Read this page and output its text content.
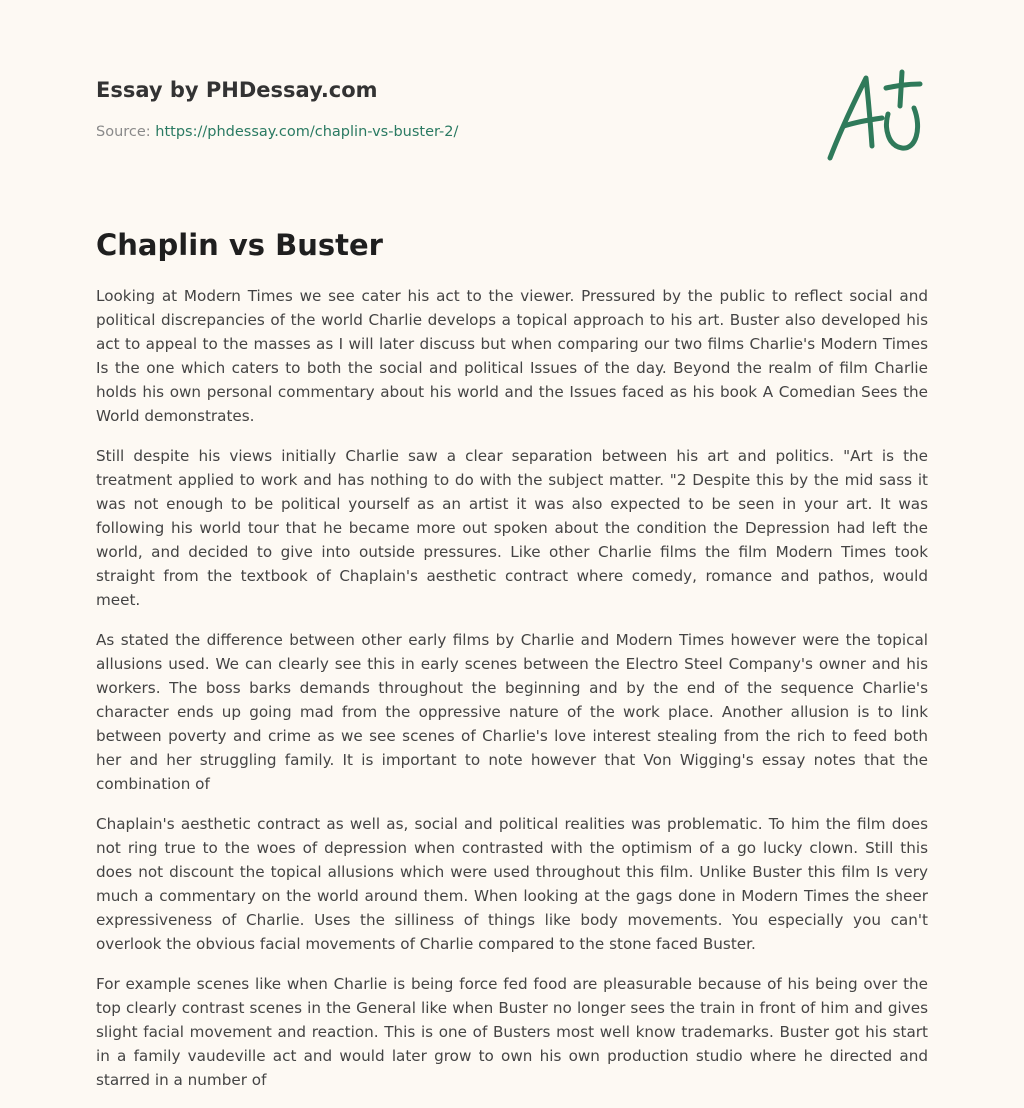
Essay by PHDessay.com
Source: https://phdessay.com/chaplin-vs-buster-2/
Chaplin vs Buster

Looking at Modern Times we see cater his act to the viewer. Pressured by the public to reflect social and political discrepancies of the world Charlie develops a topical approach to his art. Buster also developed his act to appeal to the masses as I will later discuss but when comparing our two films Charlie's Modern Times Is the one which caters to both the social and political Issues of the day. Beyond the realm of film Charlie holds his own personal commentary about his world and the Issues faced as his book A Comedian Sees the World demonstrates.

Still despite his views initially Charlie saw a clear separation between his art and politics. "Art is the treatment applied to work and has nothing to do with the subject matter. "2 Despite this by the mid sass it was not enough to be political yourself as an artist it was also expected to be seen in your art. It was following his world tour that he became more out spoken about the condition the Depression had left the world, and decided to give into outside pressures. Like other Charlie films the film Modern Times took straight from the textbook of Chaplain's aesthetic contract where comedy, romance and pathos, would meet.

As stated the difference between other early films by Charlie and Modern Times however were the topical allusions used. We can clearly see this in early scenes between the Electro Steel Company's owner and his workers. The boss barks demands throughout the beginning and by the end of the sequence Charlie's character ends up going mad from the oppressive nature of the work place. Another allusion is to link between poverty and crime as we see scenes of Charlie's love interest stealing from the rich to feed both her and her struggling family. It is important to note however that Von Wigging's essay notes that the combination of

Chaplain's aesthetic contract as well as, social and political realities was problematic. To him the film does not ring true to the woes of depression when contrasted with the optimism of a go lucky clown. Still this does not discount the topical allusions which were used throughout this film. Unlike Buster this film Is very much a commentary on the world around them. When looking at the gags done in Modern Times the sheer expressiveness of Charlie. Uses the silliness of things like body movements. You especially you can't overlook the obvious facial movements of Charlie compared to the stone faced Buster.

For example scenes like when Charlie is being force fed food are pleasurable because of his being over the top clearly contrast scenes in the General like when Buster no longer sees the train in front of him and gives slight facial movement and reaction. This is one of Busters most well know trademarks. Buster got his start in a family vaudeville act and would later grow to own his own production studio where he directed and starred in a number of
